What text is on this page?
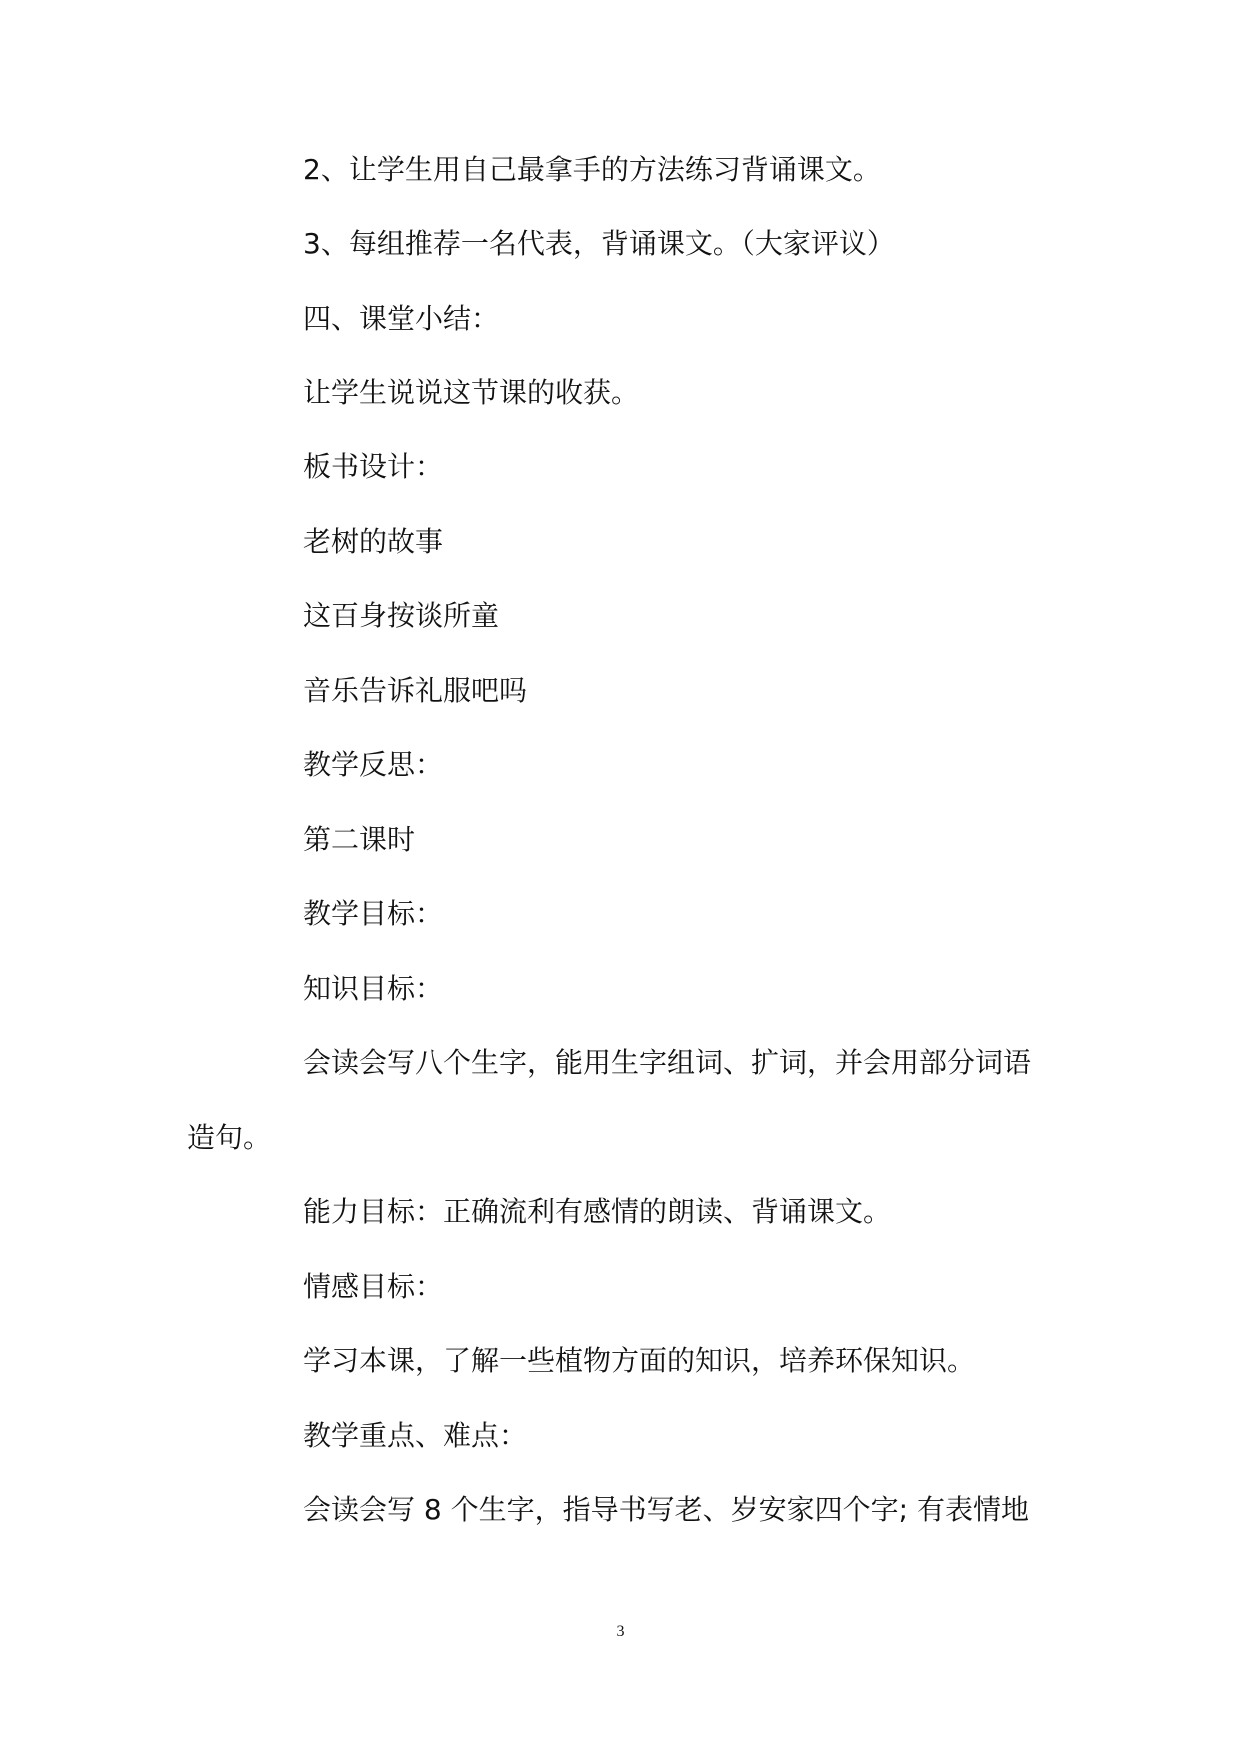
2、让学生用自己最拿手的方法练习背诵课文。
3、每组推荐一名代表，背诵课文。（大家评议）
四、课堂小结：
让学生说说这节课的收获。
板书设计：
老树的故事
这百身按谈所童
音乐告诉礼服吧吗
教学反思：
第二课时
教学目标：
知识目标：
会读会写八个生字，能用生字组词、扩词，并会用部分词语
造句。
能力目标：正确流利有感情的朗读、背诵课文。
情感目标：
学习本课，了解一些植物方面的知识，培养环保知识。
教学重点、难点：
会读会写 8 个生字，指导书写老、岁安家四个字; 有表情地
3
